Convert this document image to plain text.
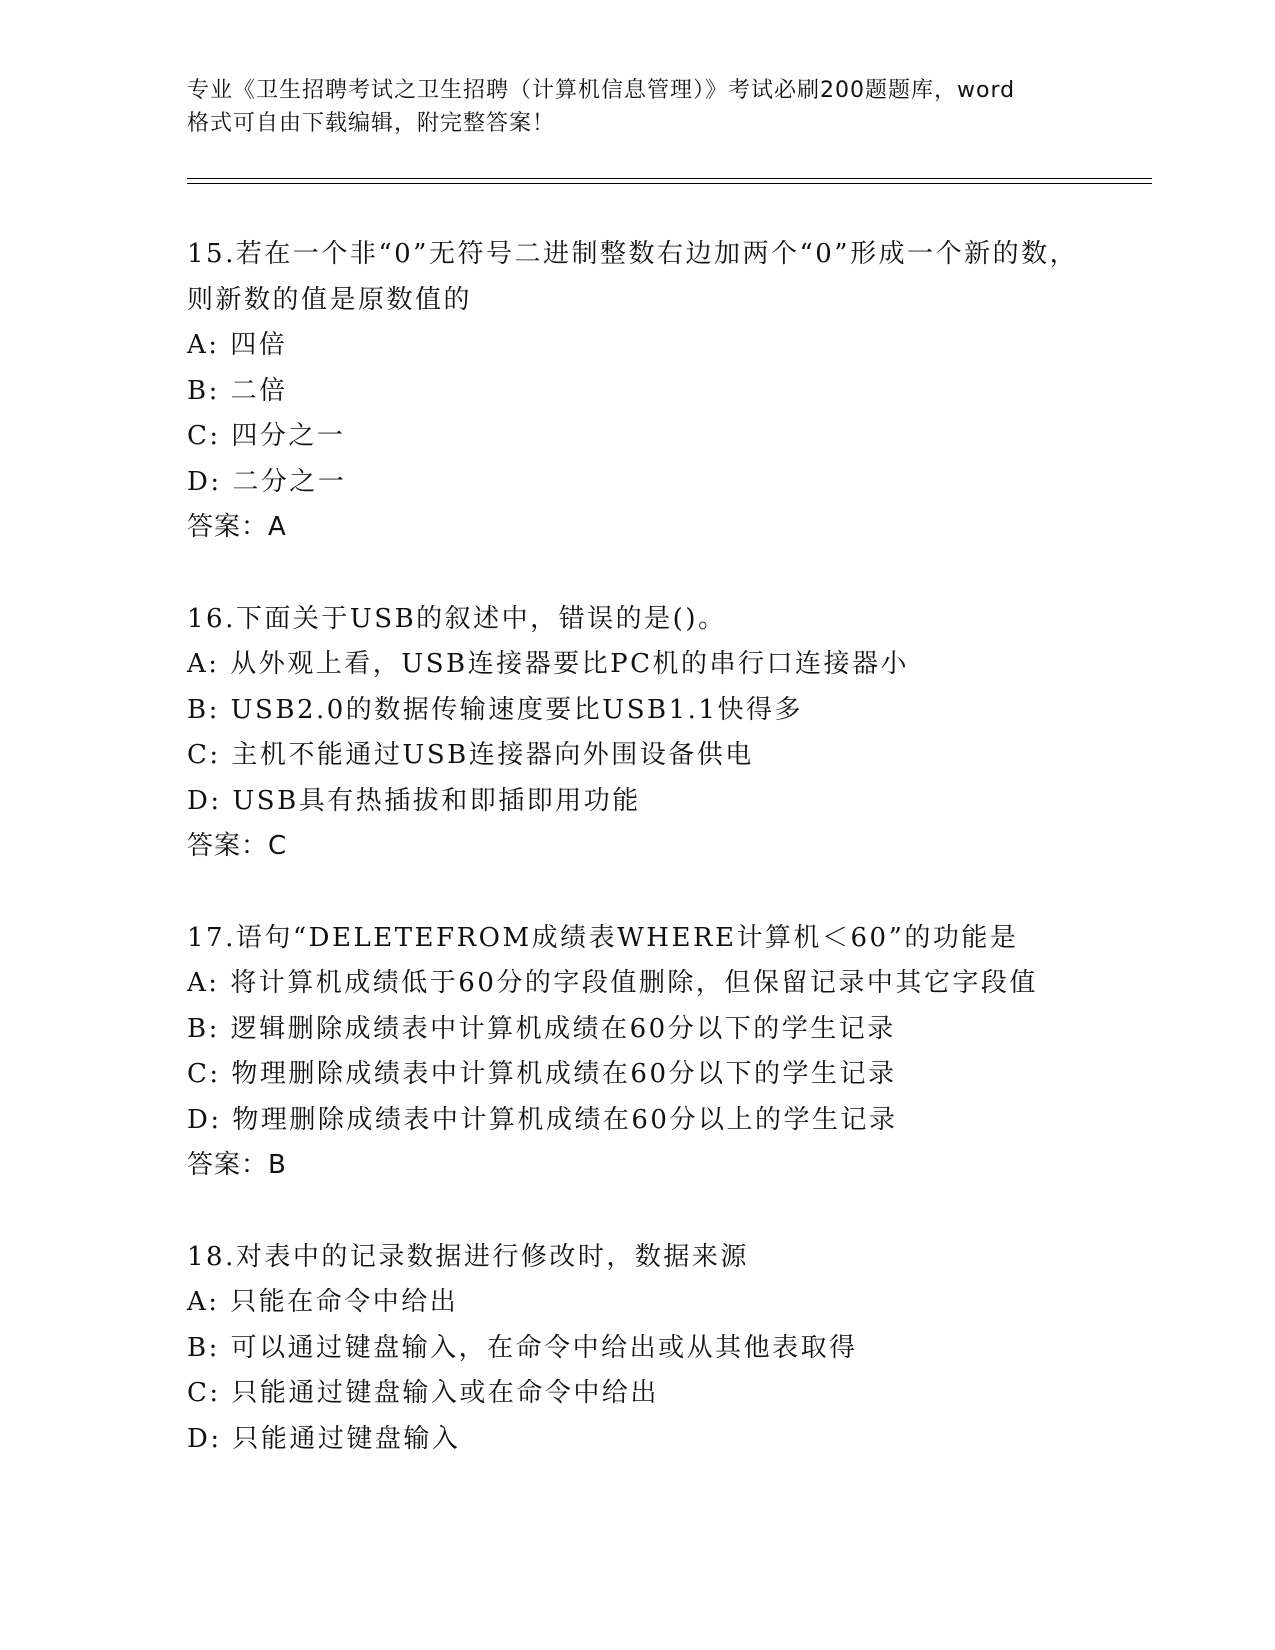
专业《卫生招聘考试之卫生招聘（计算机信息管理）》考试必刷200题题库，word
格式可自由下载编辑，附完整答案！
15.若在一个非“0”无符号二进制整数右边加两个“0”形成一个新的数，则新数的值是原数值的
A: 四倍
B: 二倍
C: 四分之一
D: 二分之一
答案：A
16.下面关于USB的叙述中，错误的是()。
A: 从外观上看，USB连接器要比PC机的串行口连接器小
B: USB2.0的数据传输速度要比USB1.1快得多
C: 主机不能通过USB连接器向外围设备供电
D: USB具有热插拔和即插即用功能
答案：C
17.语句“DELETEFROM成绩表WHERE计算机＜60”的功能是
A: 将计算机成绩低于60分的字段值删除，但保留记录中其它字段值
B: 逻辑删除成绩表中计算机成绩在60分以下的学生记录
C: 物理删除成绩表中计算机成绩在60分以下的学生记录
D: 物理删除成绩表中计算机成绩在60分以上的学生记录
答案：B
18.对表中的记录数据进行修改时，数据来源
A: 只能在命令中给出
B: 可以通过键盘输入，在命令中给出或从其他表取得
C: 只能通过键盘输入或在命令中给出
D: 只能通过键盘输入
